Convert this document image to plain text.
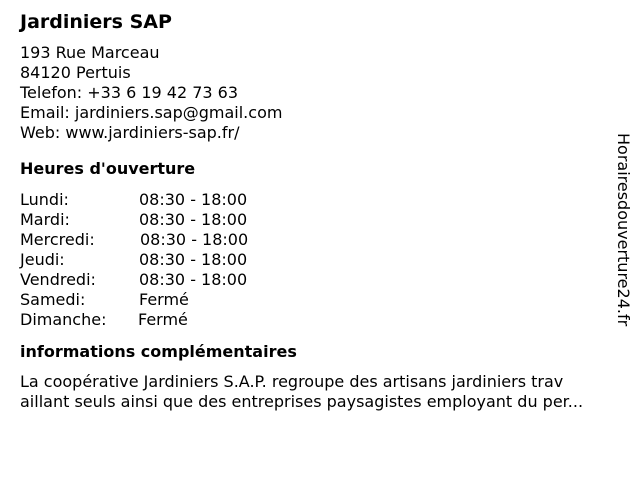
Jardiniers SAP
193 Rue Marceau
84120 Pertuis
Telefon: +33 6 19 42 73 63
Email: jardiniers.sap@gmail.com
Web: www.jardiniers-sap.fr/
Heures d'ouverture
Lundi:	08:30 - 18:00
Mardi:	08:30 - 18:00
Mercredi:	08:30 - 18:00
Jeudi:	08:30 - 18:00
Vendredi:	08:30 - 18:00
Samedi:	Fermé
Dimanche:	Fermé
informations complémentaires
La coopérative Jardiniers S.A.P. regroupe des artisans jardiniers trav
aillant seuls ainsi que des entreprises paysagistes employant du per...
Horairesdouverture24.fr
